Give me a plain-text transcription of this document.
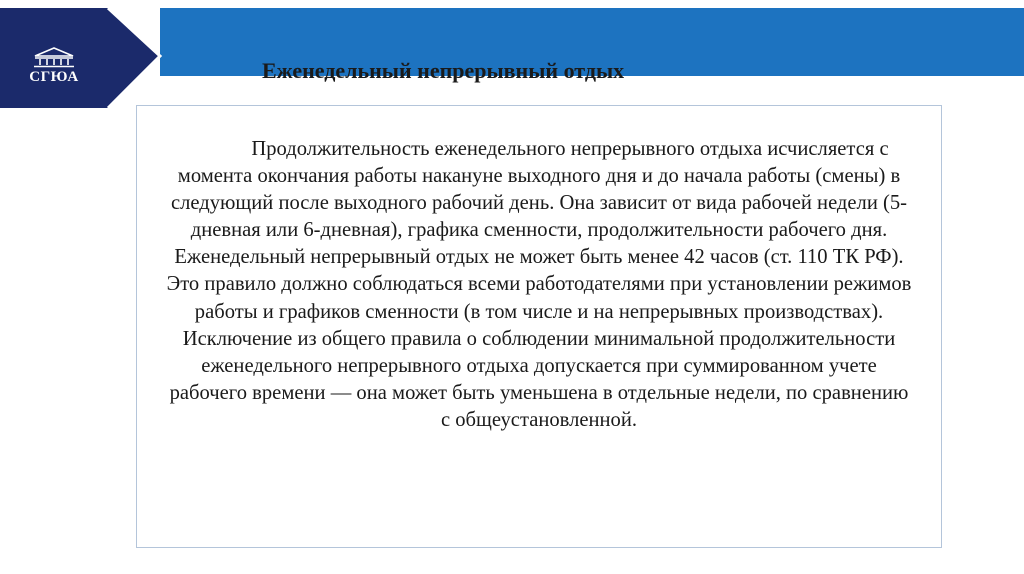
СГЮА	Еженедельный непрерывный отдых

Продолжительность еженедельного непрерывного отдыха исчисляется с момента окончания работы накануне выходного дня и до начала работы (смены) в следующий после выходного рабочий день. Она зависит от вида рабочей недели (5-дневная или 6-дневная), графика сменности, продолжительности рабочего дня. Еженедельный непрерывный отдых не может быть менее 42 часов (ст. 110 ТК РФ). Это правило должно соблюдаться всеми работодателями при установлении режимов работы и графиков сменности (в том числе и на непрерывных производствах). Исключение из общего правила о соблюдении минимальной продолжительности еженедельного непрерывного отдыха допускается при суммированном учете рабочего времени — она может быть уменьшена в отдельные недели, по сравнению с общеустановленной.
